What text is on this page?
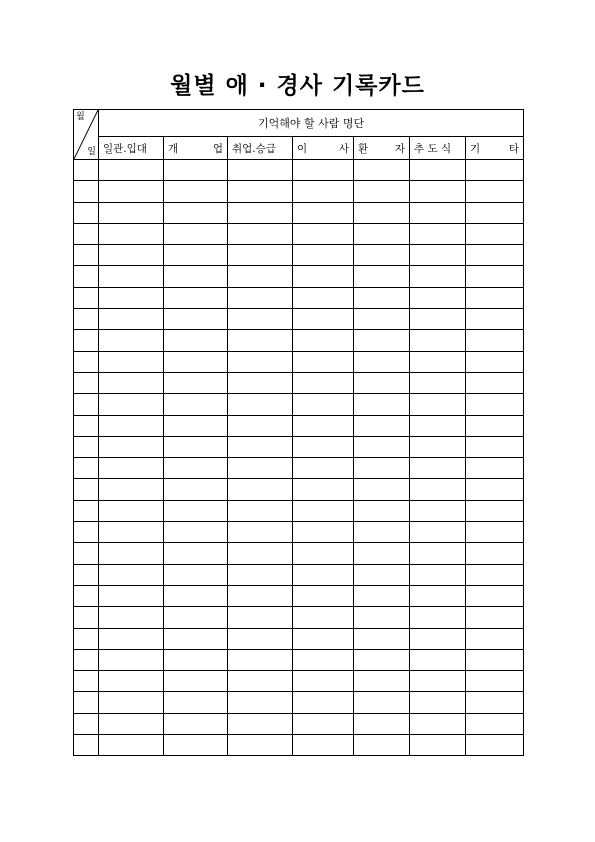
월별 애 · 경사 기록카드
월
일	기억해야 할 사람 명단						

	일관.입대	개 업	취업.승급	이 사	환 자	추 도 식	기 타
